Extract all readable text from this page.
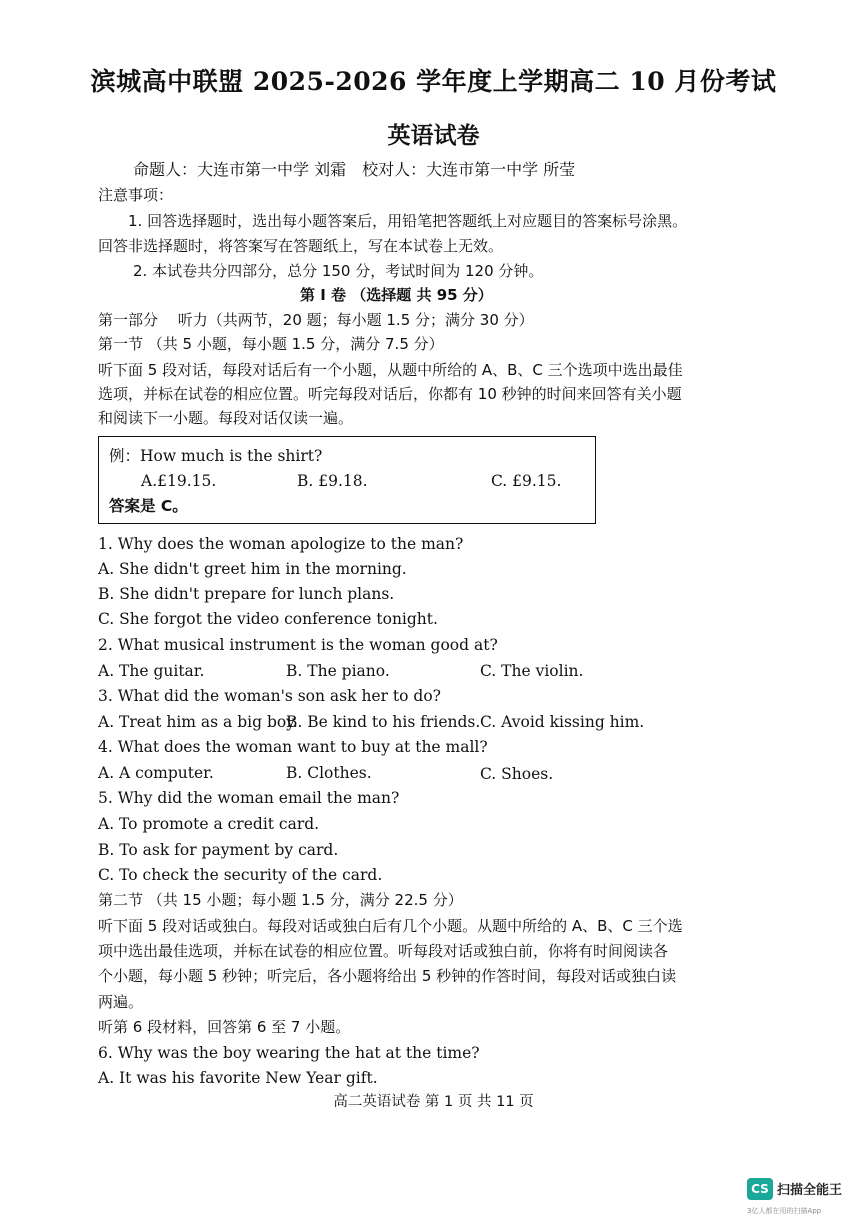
滨城高中联盟 2025-2026 学年度上学期高二 10 月份考试
英语试卷
命题人：大连市第一中学 刘霜　校对人：大连市第一中学 所莹
注意事项：
1. 回答选择题时，选出每小题答案后，用铅笔把答题纸上对应题目的答案标号涂黑。
回答非选择题时，将答案写在答题纸上，写在本试卷上无效。
2. 本试卷共分四部分，总分 150 分，考试时间为 120 分钟。
第 I 卷 （选择题 共 95 分）
第一部分　 听力（共两节，20 题；每小题 1.5 分；满分 30 分）
第一节 （共 5 小题，每小题 1.5 分，满分 7.5 分）
听下面 5 段对话，每段对话后有一个小题，从题中所给的 A、B、C 三个选项中选出最佳
选项，并标在试卷的相应位置。听完每段对话后，你都有 10 秒钟的时间来回答有关小题
和阅读下一小题。每段对话仅读一遍。
例：How much is the shirt?
A.£19.15.	B. £9.18.	C. £9.15.
答案是 C。
1. Why does the woman apologize to the man?
A. She didn't greet him in the morning.
B. She didn't prepare for lunch plans.
C. She forgot the video conference tonight.
2. What musical instrument is the woman good at?
A. The guitar.	B. The piano.	C. The violin.
3. What did the woman's son ask her to do?
A. Treat him as a big boy.
B. Be kind to his friends. C. Avoid kissing him.
4. What does the woman want to buy at the mall?
A. A computer.	B. Clothes.	C. Shoes.
5. Why did the woman email the man?
A. To promote a credit card.
B. To ask for payment by card.
C. To check the security of the card.
第二节 （共 15 小题；每小题 1.5 分，满分 22.5 分）
听下面 5 段对话或独白。每段对话或独白后有几个小题。从题中所给的 A、B、C 三个选
项中选出最佳选项，并标在试卷的相应位置。听每段对话或独白前，你将有时间阅读各
个小题，每小题 5 秒钟；听完后，各小题将给出 5 秒钟的作答时间，每段对话或独白读
两遍。
听第 6 段材料，回答第 6 至 7 小题。
6. Why was the boy wearing the hat at the time?
A. It was his favorite New Year gift.
高二英语试卷 第 1 页 共 11 页
CS 扫描全能王
3亿人都在用的扫描App
